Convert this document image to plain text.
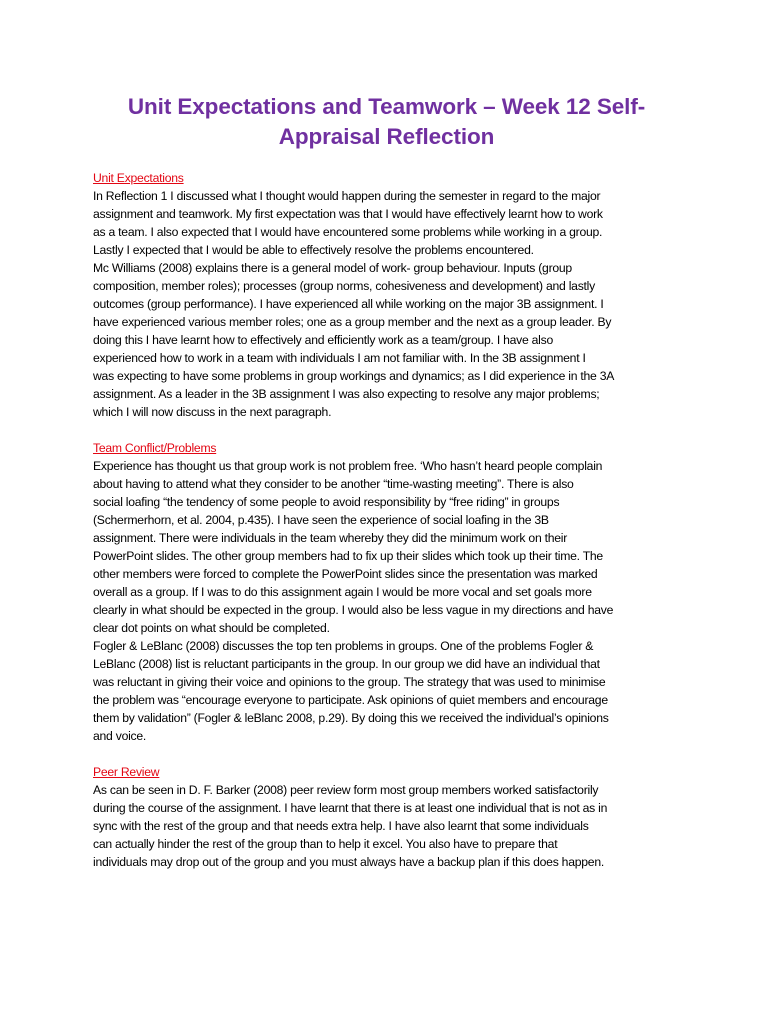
Unit Expectations and Teamwork – Week 12 Self-
Appraisal Reflection
Unit Expectations
In Reflection 1 I discussed what I thought would happen during the semester in regard to the major
assignment and teamwork. My first expectation was that I would have effectively learnt how to work
as a team. I also expected that I would have encountered some problems while working in a group.
Lastly I expected that I would be able to effectively resolve the problems encountered.
Mc Williams (2008) explains there is a general model of work- group behaviour. Inputs (group
composition, member roles); processes (group norms, cohesiveness and development) and lastly
outcomes (group performance). I have experienced all while working on the major 3B assignment. I
have experienced various member roles; one as a group member and the next as a group leader. By
doing this I have learnt how to effectively and efficiently work as a team/group. I have also
experienced how to work in a team with individuals I am not familiar with. In the 3B assignment I
was expecting to have some problems in group workings and dynamics; as I did experience in the 3A
assignment. As a leader in the 3B assignment I was also expecting to resolve any major problems;
which I will now discuss in the next paragraph.
Team Conflict/Problems
Experience has thought us that group work is not problem free. ‘Who hasn’t heard people complain
about having to attend what they consider to be another “time-wasting meeting”. There is also
social loafing “the tendency of some people to avoid responsibility by “free riding” in groups
(Schermerhorn, et al. 2004, p.435). I have seen the experience of social loafing in the 3B
assignment. There were individuals in the team whereby they did the minimum work on their
PowerPoint slides. The other group members had to fix up their slides which took up their time. The
other members were forced to complete the PowerPoint slides since the presentation was marked
overall as a group. If I was to do this assignment again I would be more vocal and set goals more
clearly in what should be expected in the group. I would also be less vague in my directions and have
clear dot points on what should be completed.
Fogler & LeBlanc (2008) discusses the top ten problems in groups. One of the problems Fogler &
LeBlanc (2008) list is reluctant participants in the group. In our group we did have an individual that
was reluctant in giving their voice and opinions to the group. The strategy that was used to minimise
the problem was “encourage everyone to participate. Ask opinions of quiet members and encourage
them by validation” (Fogler & leBlanc 2008, p.29). By doing this we received the individual’s opinions
and voice.
Peer Review
As can be seen in D. F. Barker (2008) peer review form most group members worked satisfactorily
during the course of the assignment. I have learnt that there is at least one individual that is not as in
sync with the rest of the group and that needs extra help. I have also learnt that some individuals
can actually hinder the rest of the group than to help it excel. You also have to prepare that
individuals may drop out of the group and you must always have a backup plan if this does happen.
